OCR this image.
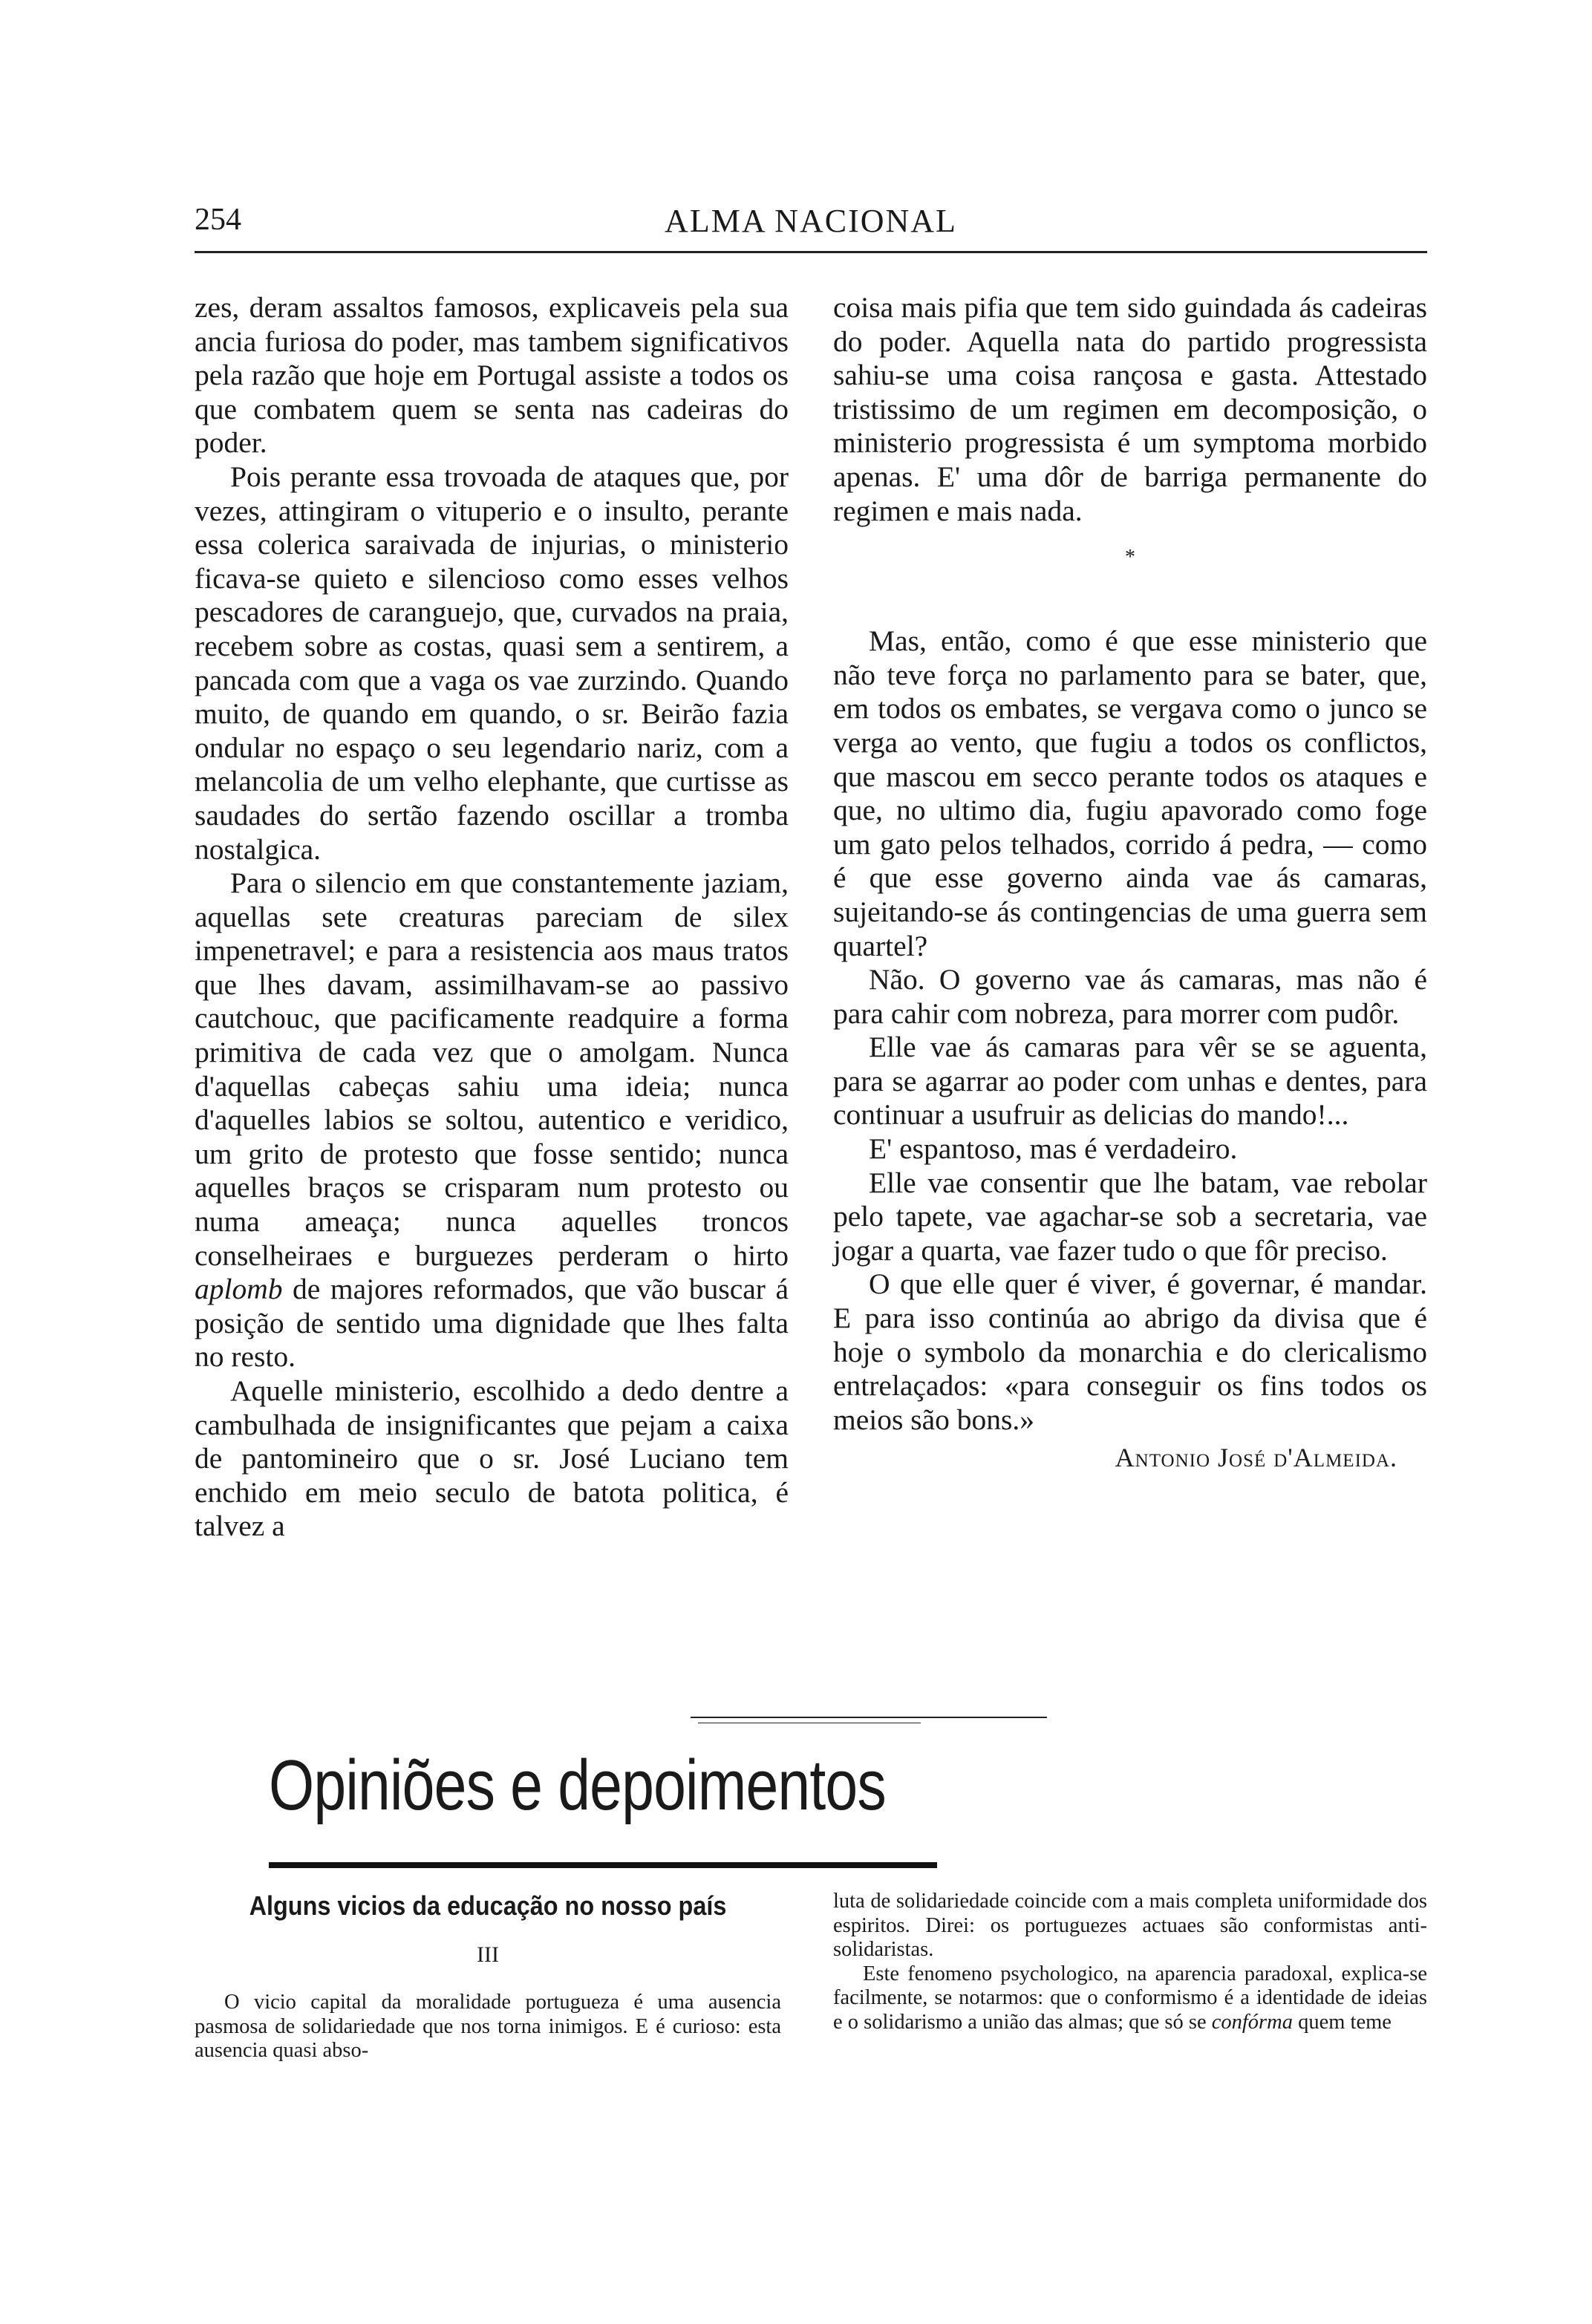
254	ALMA NACIONAL

zes, deram assaltos famosos, explicaveis pela sua ancia furiosa do poder, mas tambem significativos pela razão que hoje em Portugal assiste a todos os que combatem quem se senta nas cadeiras do poder.

Pois perante essa trovoada de ataques que, por vezes, attingiram o vituperio e o insulto, perante essa colerica saraivada de injurias, o ministerio ficava-se quieto e silencioso como esses velhos pescadores de caranguejo, que, curvados na praia, recebem sobre as costas, quasi sem a sentirem, a pancada com que a vaga os vae zurzindo. Quando muito, de quando em quando, o sr. Beirão fazia ondular no espaço o seu legendario nariz, com a melancolia de um velho elephante, que curtisse as saudades do sertão fazendo oscillar a tromba nostalgica.

Para o silencio em que constantemente jaziam, aquellas sete creaturas pareciam de silex impenetravel; e para a resistencia aos maus tratos que lhes davam, assimilhavam-se ao passivo cautchouc, que pacificamente readquire a forma primitiva de cada vez que o amolgam. Nunca d'aquellas cabeças sahiu uma ideia; nunca d'aquelles labios se soltou, autentico e veridico, um grito de protesto que fosse sentido; nunca aquelles braços se crisparam num protesto ou numa ameaça; nunca aquelles troncos conselheiraes e burguezes perderam o hirto aplomb de majores reformados, que vão buscar á posição de sentido uma dignidade que lhes falta no resto.

Aquelle ministerio, escolhido a dedo dentre a cambulhada de insignificantes que pejam a caixa de pantomineiro que o sr. José Luciano tem enchido em meio seculo de batota politica, é talvez a

coisa mais pifia que tem sido guindada ás cadeiras do poder. Aquella nata do partido progressista sahiu-se uma coisa rançosa e gasta. Attestado tristissimo de um regimen em decomposição, o ministerio progressista é um symptoma morbido apenas. E' uma dôr de barriga permanente do regimen e mais nada.

*

Mas, então, como é que esse ministerio que não teve força no parlamento para se bater, que, em todos os embates, se vergava como o junco se verga ao vento, que fugiu a todos os conflictos, que mascou em secco perante todos os ataques e que, no ultimo dia, fugiu apavorado como foge um gato pelos telhados, corrido á pedra, — como é que esse governo ainda vae ás camaras, sujeitando-se ás contingencias de uma guerra sem quartel?

Não. O governo vae ás camaras, mas não é para cahir com nobreza, para morrer com pudôr.

Elle vae ás camaras para vêr se se aguenta, para se agarrar ao poder com unhas e dentes, para continuar a usufruir as delicias do mando!...

E' espantoso, mas é verdadeiro.

Elle vae consentir que lhe batam, vae rebolar pelo tapete, vae agachar-se sob a secretaria, vae jogar a quarta, vae fazer tudo o que fôr preciso.

O que elle quer é viver, é governar, é mandar. E para isso continúa ao abrigo da divisa que é hoje o symbolo da monarchia e do clericalismo entrelaçados: «para conseguir os fins todos os meios são bons.»

Antonio José d'Almeida.
Opiniões e depoimentos
Alguns vicios da educação no nosso país
III

O vicio capital da moralidade portugueza é uma ausencia pasmosa de solidariedade que nos torna inimigos. E é curioso: esta ausencia quasi abso-

luta de solidariedade coincide com a mais completa uniformidade dos espiritos. Direi: os portuguezes actuaes são conformistas anti-solidaristas.

Este fenomeno psychologico, na aparencia paradoxal, explica-se facilmente, se notarmos: que o conformismo é a identidade de ideias e o solidarismo a união das almas; que só se confórma quem teme
